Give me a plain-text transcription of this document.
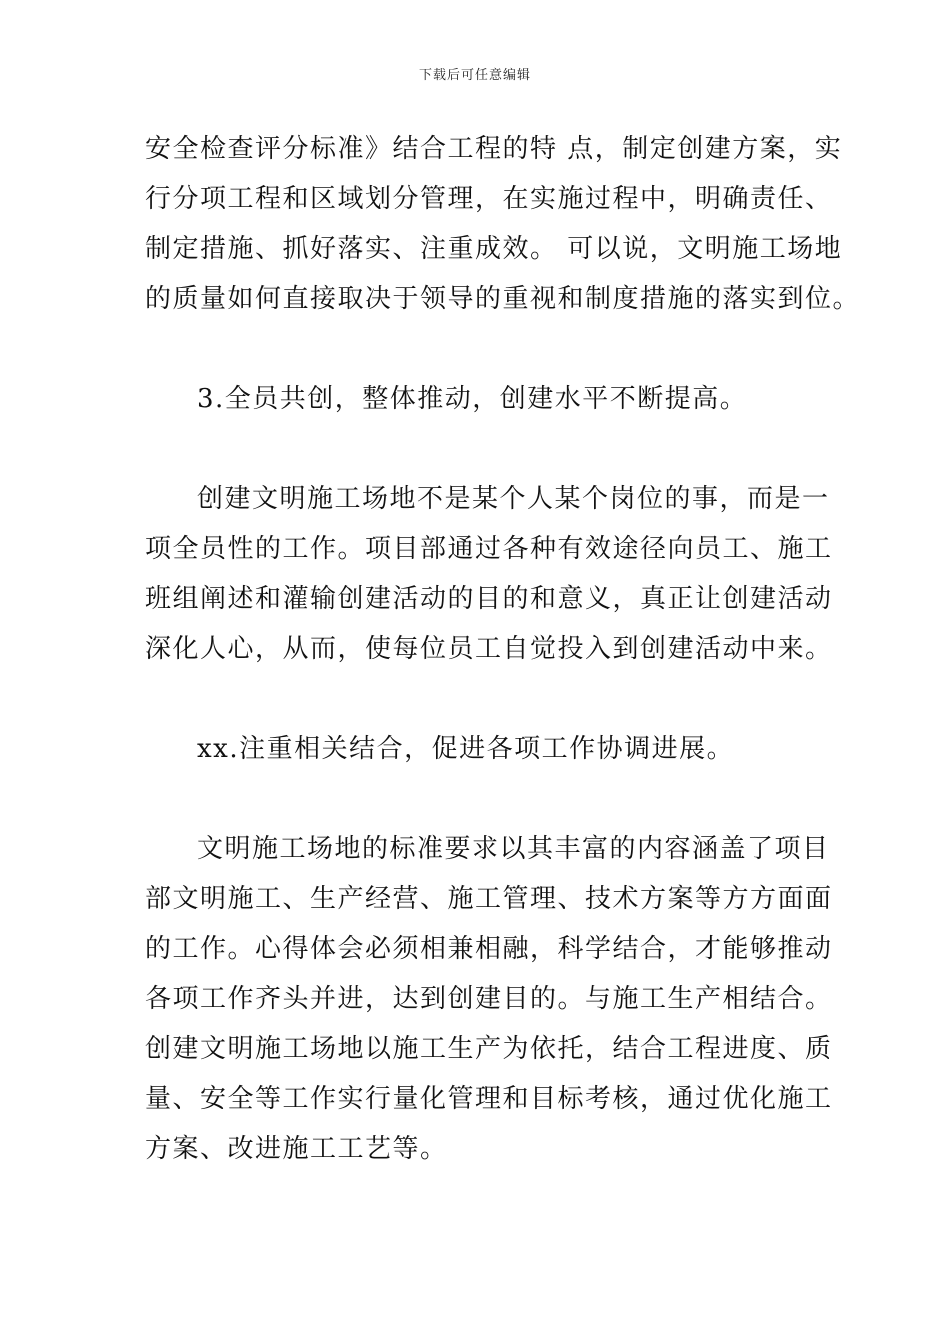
下载后可任意编辑
安全检查评分标准》结合工程的特 点，制定创建方案，实
行分项工程和区域划分管理，在实施过程中，明确责任、
制定措施、抓好落实、注重成效。 可以说，文明施工场地
的质量如何直接取决于领导的重视和制度措施的落实到位。
3.全员共创，整体推动，创建水平不断提高。
创建文明施工场地不是某个人某个岗位的事，而是一
项全员性的工作。项目部通过各种有效途径向员工、施工
班组阐述和灌输创建活动的目的和意义，真正让创建活动
深化人心，从而，使每位员工自觉投入到创建活动中来。
xx.注重相关结合，促进各项工作协调进展。
文明施工场地的标准要求以其丰富的内容涵盖了项目
部文明施工、生产经营、施工管理、技术方案等方方面面
的工作。心得体会必须相兼相融，科学结合，才能够推动
各项工作齐头并进，达到创建目的。与施工生产相结合。
创建文明施工场地以施工生产为依托，结合工程进度、质
量、安全等工作实行量化管理和目标考核，通过优化施工
方案、改进施工工艺等。
